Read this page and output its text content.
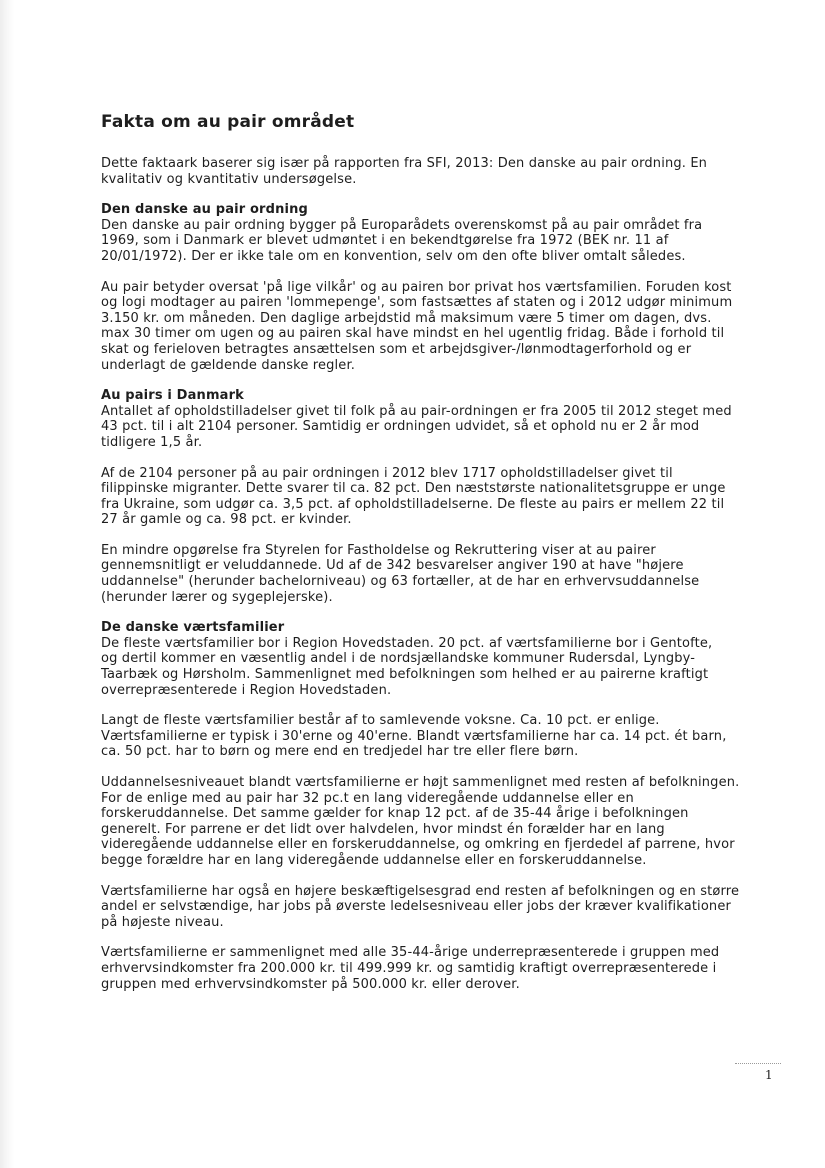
Fakta om au pair området

Dette faktaark baserer sig især på rapporten fra SFI, 2013: Den danske au pair ordning. En
kvalitativ og kvantitativ undersøgelse.

Den danske au pair ordning

Den danske au pair ordning bygger på Europarådets overenskomst på au pair området fra
1969, som i Danmark er blevet udmøntet i en bekendtgørelse fra 1972 (BEK nr. 11 af
20/01/1972). Der er ikke tale om en konvention, selv om den ofte bliver omtalt således.

Au pair betyder oversat 'på lige vilkår' og au pairen bor privat hos værtsfamilien. Foruden kost
og logi modtager au pairen 'lommepenge', som fastsættes af staten og i 2012 udgør minimum
3.150 kr. om måneden. Den daglige arbejdstid må maksimum være 5 timer om dagen, dvs.
max 30 timer om ugen og au pairen skal have mindst en hel ugentlig fridag. Både i forhold til
skat og ferieloven betragtes ansættelsen som et arbejdsgiver-/lønmodtagerforhold og er
underlagt de gældende danske regler.

Au pairs i Danmark

Antallet af opholdstilladelser givet til folk på au pair-ordningen er fra 2005 til 2012 steget med
43 pct. til i alt 2104 personer. Samtidig er ordningen udvidet, så et ophold nu er 2 år mod
tidligere 1,5 år.

Af de 2104 personer på au pair ordningen i 2012 blev 1717 opholdstilladelser givet til
filippinske migranter. Dette svarer til ca. 82 pct. Den næststørste nationalitetsgruppe er unge
fra Ukraine, som udgør ca. 3,5 pct. af opholdstilladelserne. De fleste au pairs er mellem 22 til
27 år gamle og ca. 98 pct. er kvinder.

En mindre opgørelse fra Styrelen for Fastholdelse og Rekruttering viser at au pairer
gennemsnitligt er veluddannede. Ud af de 342 besvarelser angiver 190 at have "højere
uddannelse" (herunder bachelorniveau) og 63 fortæller, at de har en erhvervsuddannelse
(herunder lærer og sygeplejerske).

De danske værtsfamilier

De fleste værtsfamilier bor i Region Hovedstaden. 20 pct. af værtsfamilierne bor i Gentofte,
og dertil kommer en væsentlig andel i de nordsjællandske kommuner Rudersdal, Lyngby-
Taarbæk og Hørsholm. Sammenlignet med befolkningen som helhed er au pairerne kraftigt
overrepræsenterede i Region Hovedstaden.

Langt de fleste værtsfamilier består af to samlevende voksne. Ca. 10 pct. er enlige.
Værtsfamilierne er typisk i 30'erne og 40'erne. Blandt værtsfamilierne har ca. 14 pct. ét barn,
ca. 50 pct. har to børn og mere end en tredjedel har tre eller flere børn.

Uddannelsesniveauet blandt værtsfamilierne er højt sammenlignet med resten af befolkningen.
For de enlige med au pair har 32 pc.t en lang videregående uddannelse eller en
forskeruddannelse. Det samme gælder for knap 12 pct. af de 35-44 årige i befolkningen
generelt. For parrene er det lidt over halvdelen, hvor mindst én forælder har en lang
videregående uddannelse eller en forskeruddannelse, og omkring en fjerdedel af parrene, hvor
begge forældre har en lang videregående uddannelse eller en forskeruddannelse.

Værtsfamilierne har også en højere beskæftigelsesgrad end resten af befolkningen og en større
andel er selvstændige, har jobs på øverste ledelsesniveau eller jobs der kræver kvalifikationer
på højeste niveau.

Værtsfamilierne er sammenlignet med alle 35-44-årige underrepræsenterede i gruppen med
erhvervsindkomster fra 200.000 kr. til 499.999 kr. og samtidig kraftigt overrepræsenterede i
gruppen med erhvervsindkomster på 500.000 kr. eller derover.

1
